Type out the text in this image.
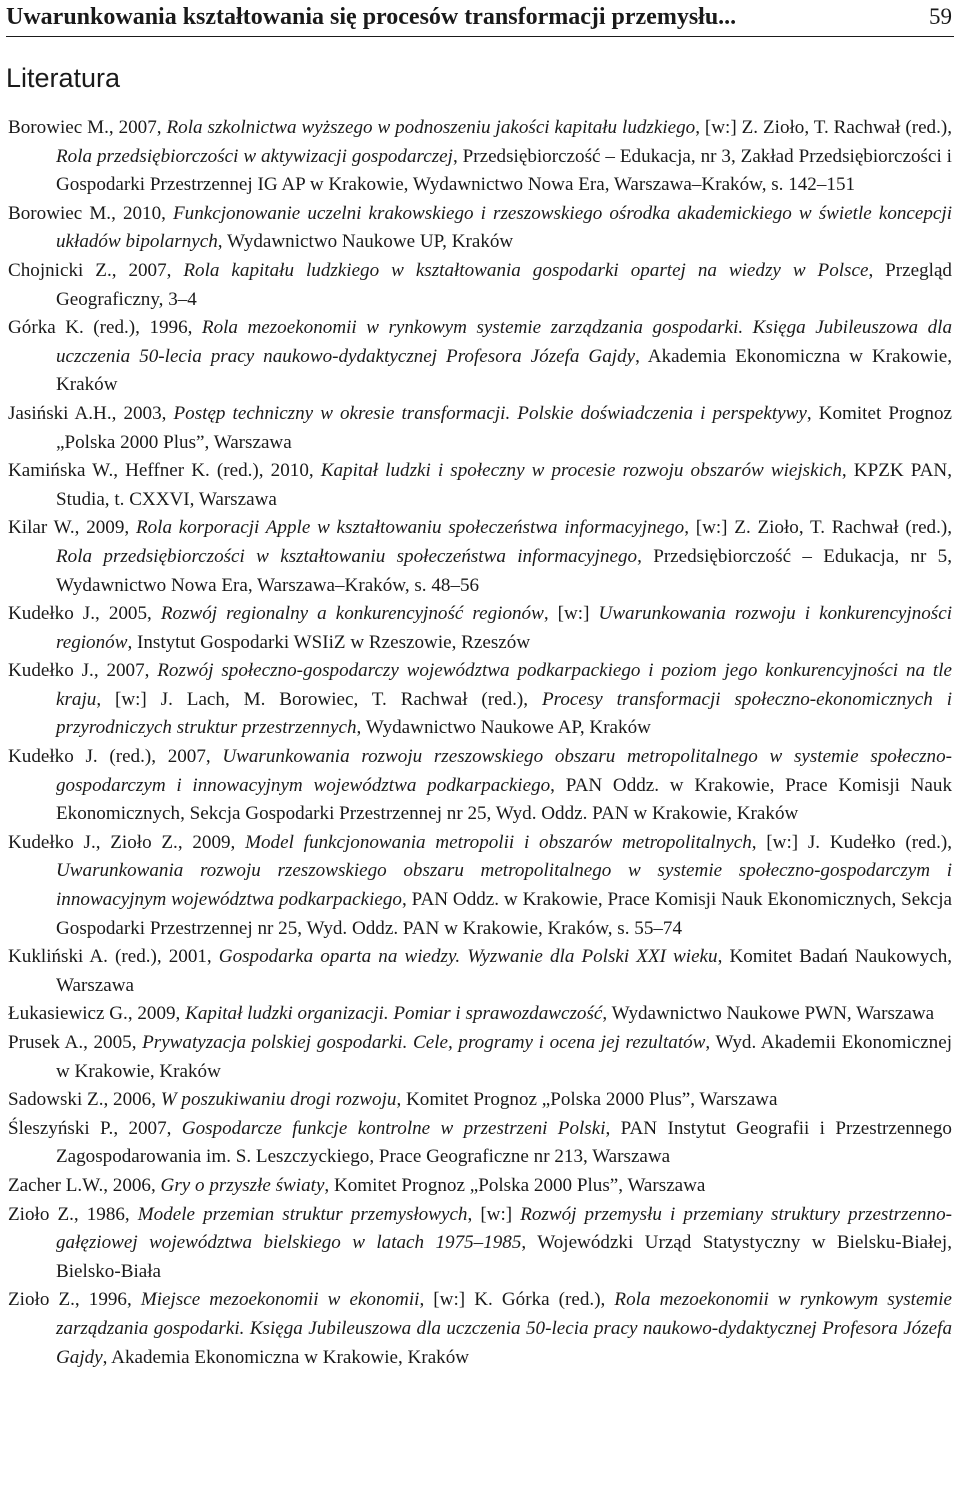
Uwarunkowania kształtowania się procesów transformacji przemysłu...	59
Literatura
Borowiec M., 2007, Rola szkolnictwa wyższego w podnoszeniu jakości kapitału ludzkiego, [w:] Z. Zioło, T. Rachwał (red.), Rola przedsiębiorczości w aktywizacji gospodarczej, Przedsiębiorczość – Edukacja, nr 3, Zakład Przedsiębiorczości i Gospodarki Przestrzennej IG AP w Krakowie, Wydawnictwo Nowa Era, Warszawa–Kraków, s. 142–151
Borowiec M., 2010, Funkcjonowanie uczelni krakowskiego i rzeszowskiego ośrodka akademickiego w świetle koncepcji układów bipolarnych, Wydawnictwo Naukowe UP, Kraków
Chojnicki Z., 2007, Rola kapitału ludzkiego w kształtowania gospodarki opartej na wiedzy w Polsce, Przegląd Geograficzny, 3–4
Górka K. (red.), 1996, Rola mezoekonomii w rynkowym systemie zarządzania gospodarki. Księga Jubileuszowa dla uczczenia 50-lecia pracy naukowo-dydaktycznej Profesora Józefa Gajdy, Akademia Ekonomiczna w Krakowie, Kraków
Jasiński A.H., 2003, Postęp techniczny w okresie transformacji. Polskie doświadczenia i perspektywy, Komitet Prognoz „Polska 2000 Plus”, Warszawa
Kamińska W., Heffner K. (red.), 2010, Kapitał ludzki i społeczny w procesie rozwoju obszarów wiejskich, KPZK PAN, Studia, t. CXXVI, Warszawa
Kilar W., 2009, Rola korporacji Apple w kształtowaniu społeczeństwa informacyjnego, [w:] Z. Zioło, T. Rachwał (red.), Rola przedsiębiorczości w kształtowaniu społeczeństwa informacyjnego, Przedsiębiorczość – Edukacja, nr 5, Wydawnictwo Nowa Era, Warszawa–Kraków, s. 48–56
Kudełko J., 2005, Rozwój regionalny a konkurencyjność regionów, [w:] Uwarunkowania rozwoju i konkurencyjności regionów, Instytut Gospodarki WSIiZ w Rzeszowie, Rzeszów
Kudełko J., 2007, Rozwój społeczno-gospodarczy województwa podkarpackiego i poziom jego konkurencyjności na tle kraju, [w:] J. Lach, M. Borowiec, T. Rachwał (red.), Procesy transformacji społeczno-ekonomicznych i przyrodniczych struktur przestrzennych, Wydawnictwo Naukowe AP, Kraków
Kudełko J. (red.), 2007, Uwarunkowania rozwoju rzeszowskiego obszaru metropolitalnego w systemie społeczno-gospodarczym i innowacyjnym województwa podkarpackiego, PAN Oddz. w Krakowie, Prace Komisji Nauk Ekonomicznych, Sekcja Gospodarki Przestrzennej nr 25, Wyd. Oddz. PAN w Krakowie, Kraków
Kudełko J., Zioło Z., 2009, Model funkcjonowania metropolii i obszarów metropolitalnych, [w:] J. Kudełko (red.), Uwarunkowania rozwoju rzeszowskiego obszaru metropolitalnego w systemie społeczno-gospodarczym i innowacyjnym województwa podkarpackiego, PAN Oddz. w Krakowie, Prace Komisji Nauk Ekonomicznych, Sekcja Gospodarki Przestrzennej nr 25, Wyd. Oddz. PAN w Krakowie, Kraków, s. 55–74
Kukliński A. (red.), 2001, Gospodarka oparta na wiedzy. Wyzwanie dla Polski XXI wieku, Komitet Badań Naukowych, Warszawa
Łukasiewicz G., 2009, Kapitał ludzki organizacji. Pomiar i sprawozdawczość, Wydawnictwo Naukowe PWN, Warszawa
Prusek A., 2005, Prywatyzacja polskiej gospodarki. Cele, programy i ocena jej rezultatów, Wyd. Akademii Ekonomicznej w Krakowie, Kraków
Sadowski Z., 2006, W poszukiwaniu drogi rozwoju, Komitet Prognoz „Polska 2000 Plus”, Warszawa
Śleszyński P., 2007, Gospodarcze funkcje kontrolne w przestrzeni Polski, PAN Instytut Geografii i Przestrzennego Zagospodarowania im. S. Leszczyckiego, Prace Geograficzne nr 213, Warszawa
Zacher L.W., 2006, Gry o przyszłe światy, Komitet Prognoz „Polska 2000 Plus”, Warszawa
Zioło Z., 1986, Modele przemian struktur przemysłowych, [w:] Rozwój przemysłu i przemiany struktury przestrzenno-gałęziowej województwa bielskiego w latach 1975–1985, Wojewódzki Urząd Statystyczny w Bielsku-Białej, Bielsko-Biała
Zioło Z., 1996, Miejsce mezoekonomii w ekonomii, [w:] K. Górka (red.), Rola mezoekonomii w rynkowym systemie zarządzania gospodarki. Księga Jubileuszowa dla uczczenia 50-lecia pracy naukowo-dydaktycznej Profesora Józefa Gajdy, Akademia Ekonomiczna w Krakowie, Kraków
